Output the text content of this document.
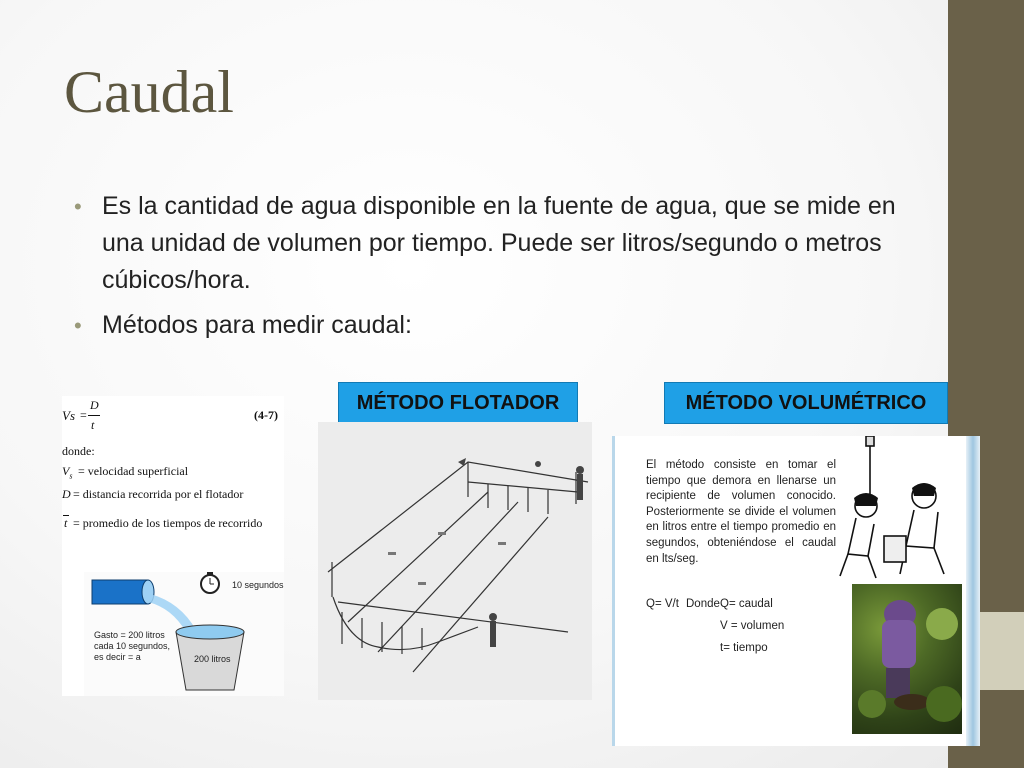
Caudal
• Es la cantidad de agua disponible en la fuente de agua, que se mide en una unidad de volumen por tiempo. Puede ser litros/segundo o metros cúbicos/hora.
• Métodos para medir caudal:
MÉTODO FLOTADOR	MÉTODO VOLUMÉTRICO
Vs =
D
t
(4-7)
donde:
$V_s$ = velocidad superficial
D = distancia recorrida por el flotador
t = promedio de los tiempos de recorrido
10 segundos
Gasto = 200 litros
cada 10 segundos,
es decir = a	200 litros
El método consiste en tomar el tiempo que demora en llenarse un recipiente de volumen conocido. Posteriormente se divide el volumen en litros entre el tiempo promedio en segundos, obteniéndose el caudal en lts/seg.
Q= V/t Donde Q= caudal
V = volumen
t= tiempo
